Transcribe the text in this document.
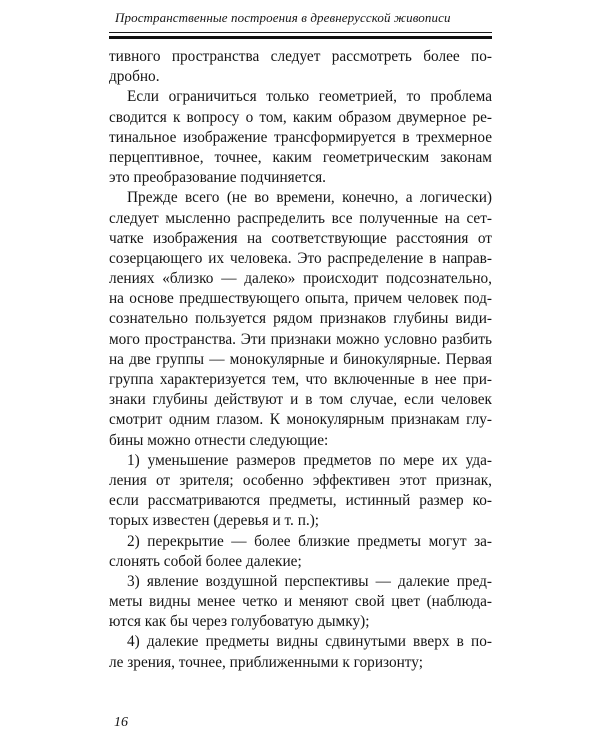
Пространственные построения в древнерусской живописи
тивного пространства следует рассмотреть более по-
дробно.
Если ограничиться только геометрией, то проблема
сводится к вопросу о том, каким образом двумерное ре-
тинальное изображение трансформируется в трехмерное
перцептивное, точнее, каким геометрическим законам
это преобразование подчиняется.
Прежде всего (не во времени, конечно, а логически)
следует мысленно распределить все полученные на сет-
чатке изображения на соответствующие расстояния от
созерцающего их человека. Это распределение в направ-
лениях «близко — далеко» происходит подсознательно,
на основе предшествующего опыта, причем человек под-
сознательно пользуется рядом признаков глубины види-
мого пространства. Эти признаки можно условно разбить
на две группы — монокулярные и бинокулярные. Первая
группа характеризуется тем, что включенные в нее при-
знаки глубины действуют и в том случае, если человек
смотрит одним глазом. К монокулярным признакам глу-
бины можно отнести следующие:
1) уменьшение размеров предметов по мере их уда-
ления от зрителя; особенно эффективен этот признак,
если рассматриваются предметы, истинный размер ко-
торых известен (деревья и т. п.);
2) перекрытие — более близкие предметы могут за-
слонять собой более далекие;
3) явление воздушной перспективы — далекие пред-
меты видны менее четко и меняют свой цвет (наблюда-
ются как бы через голубоватую дымку);
4) далекие предметы видны сдвинутыми вверх в по-
ле зрения, точнее, приближенными к горизонту;
16
